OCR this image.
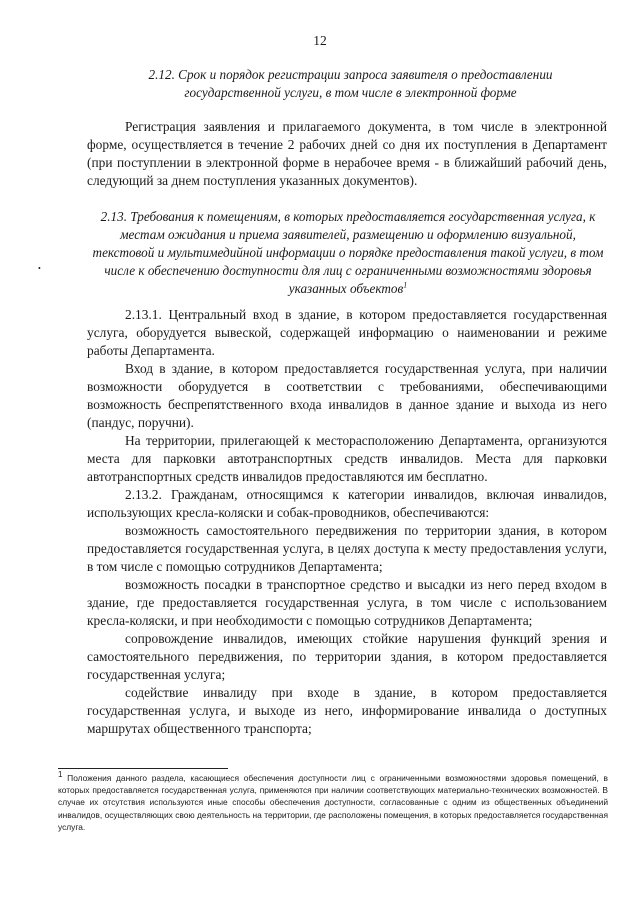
12
2.12. Срок и порядок регистрации запроса заявителя о предоставлении государственной услуги, в том числе в электронной форме

Регистрация заявления и прилагаемого документа, в том числе в электронной форме, осуществляется в течение 2 рабочих дней со дня их поступления в Департамент (при поступлении в электронной форме в нерабочее время - в ближайший рабочий день, следующий за днем поступления указанных документов).

2.13. Требования к помещениям, в которых предоставляется государственная услуга, к местам ожидания и приема заявителей, размещению и оформлению визуальной, текстовой и мультимедийной информации о порядке предоставления такой услуги, в том числе к обеспечению доступности для лиц с ограниченными возможностями здоровья указанных объектов$^1$
•

2.13.1. Центральный вход в здание, в котором предоставляется государственная услуга, оборудуется вывеской, содержащей информацию о наименовании и режиме работы Департамента.

Вход в здание, в котором предоставляется государственная услуга, при наличии возможности оборудуется в соответствии с требованиями, обеспечивающими возможность беспрепятственного входа инвалидов в данное здание и выхода из него (пандус, поручни).

На территории, прилегающей к месторасположению Департамента, организуются места для парковки автотранспортных средств инвалидов. Места для парковки автотранспортных средств инвалидов предоставляются им бесплатно.

2.13.2. Гражданам, относящимся к категории инвалидов, включая инвалидов, использующих кресла-коляски и собак-проводников, обеспечиваются:

возможность самостоятельного передвижения по территории здания, в котором предоставляется государственная услуга, в целях доступа к месту предоставления услуги, в том числе с помощью сотрудников Департамента;

возможность посадки в транспортное средство и высадки из него перед входом в здание, где предоставляется государственная услуга, в том числе с использованием кресла-коляски, и при необходимости с помощью сотрудников Департамента;

сопровождение инвалидов, имеющих стойкие нарушения функций зрения и самостоятельного передвижения, по территории здания, в котором предоставляется государственная услуга;

содействие инвалиду при входе в здание, в котором предоставляется государственная услуга, и выходе из него, информирование инвалида о доступных маршрутах общественного транспорта;

1 Положения данного раздела, касающиеся обеспечения доступности лиц с ограниченными возможностями здоровья помещений, в которых предоставляется государственная услуга, применяются при наличии соответствующих материально-технических возможностей. В случае их отсутствия используются иные способы обеспечения доступности, согласованные с одним из общественных объединений инвалидов, осуществляющих свою деятельность на территории, где расположены помещения, в которых предоставляется государственная услуга.
